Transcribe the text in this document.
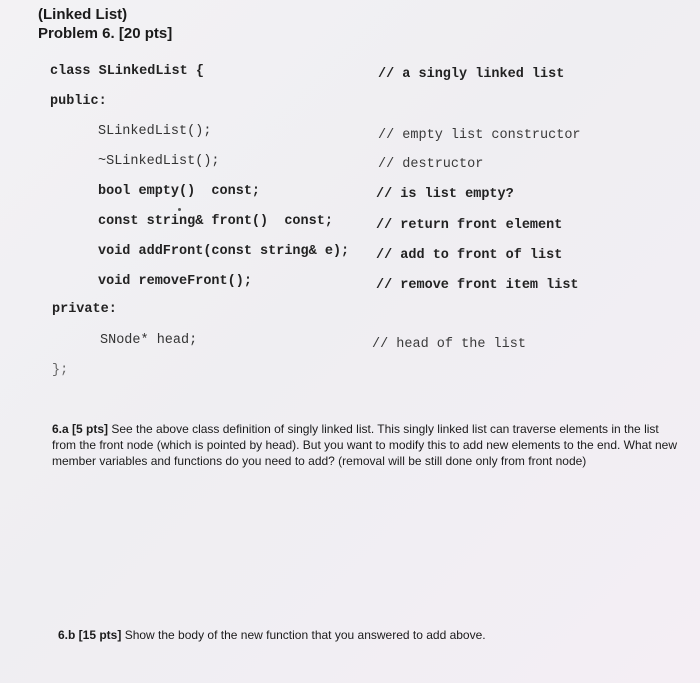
(Linked List)
Problem 6. [20 pts]
class SLinkedList {	// a singly linked list
public:
SLinkedList();	// empty list constructor
~SLinkedList();	// destructor
bool empty()  const;	// is list empty?
const string& front()  const;	// return front element
void addFront(const string& e); // add to front of list
void removeFront();	// remove front item list
private:
SNode* head;	// head of the list
};
6.a [5 pts] See the above class definition of singly linked list. This singly linked list can traverse elements in the list from the front node (which is pointed by head). But you want to modify this to add new elements to the end. What new member variables and functions do you need to add? (removal will be still done only from front node)
6.b [15 pts] Show the body of the new function that you answered to add above.
